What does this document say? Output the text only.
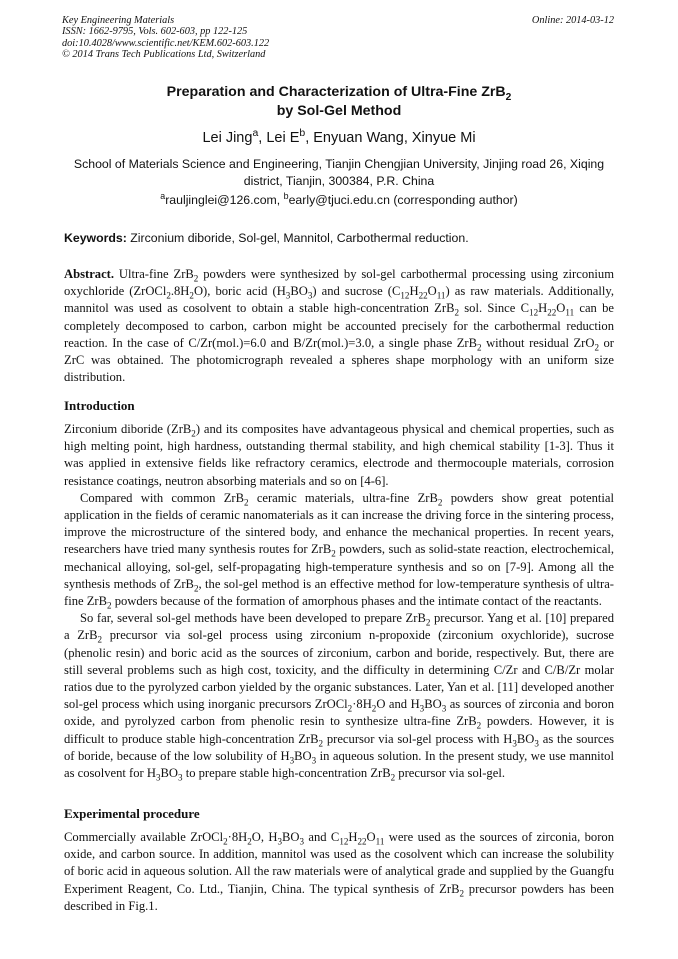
Key Engineering Materials
ISSN: 1662-9795, Vols. 602-603, pp 122-125
doi:10.4028/www.scientific.net/KEM.602-603.122
© 2014 Trans Tech Publications Ltd, Switzerland
Online: 2014-03-12
Preparation and Characterization of Ultra-Fine ZrB$_2$
by Sol-Gel Method
Lei Jing$^a$, Lei $E^b$, Enyuan Wang, Xinyue Mi
School of Materials Science and Engineering, Tianjin Chengjian University, Jinjing road 26, Xiqing district, Tianjin, 300384, P.R. China
$^a$rauljinglei@126.com, $^b$early@tjuci.edu.cn (corresponding author)
Keywords: Zirconium diboride, Sol-gel, Mannitol, Carbothermal reduction.

Abstract. Ultra-fine ZrB$_2$ powders were synthesized by sol-gel carbothermal processing using zirconium oxychloride $(ZrOCl_2.8H_2O)$, boric acid $(H_3BO_3)$ and sucrose $(C_{12}H_{22}O_{11})$ as raw materials. Additionally, mannitol was used as cosolvent to obtain a stable high-concentration ZrB$_2$ sol. Since $C_{12}H_{22}O_{11}$ can be completely decomposed to carbon, carbon might be accounted precisely for the carbothermal reduction reaction. In the case of C/Zr(mol.)=6.0 and B/Zr(mol.)=3.0, a single phase ZrB$_2$ without residual ZrO$_2$ or ZrC was obtained. The photomicrograph revealed a spheres shape morphology with an uniform size distribution.

Introduction

Zirconium diboride (ZrB$_2$) and its composites have advantageous physical and chemical properties, such as high melting point, high hardness, outstanding thermal stability, and high chemical stability [1-3]. Thus it was applied in extensive fields like refractory ceramics, electrode and thermocouple materials, corrosion resistance coatings, neutron absorbing materials and so on [4-6].

Compared with common ZrB$_2$ ceramic materials, ultra-fine ZrB$_2$ powders show great potential application in the fields of ceramic nanomaterials as it can increase the driving force in the sintering process, improve the microstructure of the sintered body, and enhance the mechanical properties. In recent years, researchers have tried many synthesis routes for ZrB$_2$ powders, such as solid-state reaction, electrochemical, mechanical alloying, sol-gel, self-propagating high-temperature synthesis and so on [7-9]. Among all the synthesis methods of ZrB$_2$, the sol-gel method is an effective method for low-temperature synthesis of ultra-fine ZrB$_2$ powders because of the formation of amorphous phases and the intimate contact of the reactants.

So far, several sol-gel methods have been developed to prepare ZrB$_2$ precursor. Yang et al. [10] prepared a ZrB$_2$ precursor via sol-gel process using zirconium n-propoxide (zirconium oxychloride), sucrose (phenolic resin) and boric acid as the sources of zirconium, carbon and boride, respectively. But, there are still several problems such as high cost, toxicity, and the difficulty in determining C/Zr and C/B/Zr molar ratios due to the pyrolyzed carbon yielded by the organic substances. Later, Yan et al. [11] developed another sol-gel process which using inorganic precursors $ZrOCl_2\cdot 8H_2O$ and $H_3BO_3$ as sources of zirconia and boron oxide, and pyrolyzed carbon from phenolic resin to synthesize ultra-fine ZrB$_2$ powders. However, it is difficult to produce stable high-concentration ZrB$_2$ precursor via sol-gel process with $H_3BO_3$ as the sources of boride, because of the low solubility of $H_3BO_3$ in aqueous solution. In the present study, we use mannitol as cosolvent for $H_3BO_3$ to prepare stable high-concentration ZrB$_2$ precursor via sol-gel.

Experimental procedure

Commercially available $ZrOCl_2\cdot 8H_2O$, $H_3BO_3$ and $C_{12}H_{22}O_{11}$ were used as the sources of zirconia, boron oxide, and carbon source. In addition, mannitol was used as the cosolvent which can increase the solubility of boric acid in aqueous solution. All the raw materials were of analytical grade and supplied by the Guangfu Experiment Reagent, Co. Ltd., Tianjin, China. The typical synthesis of ZrB$_2$ precursor powders has been described in Fig.1.
